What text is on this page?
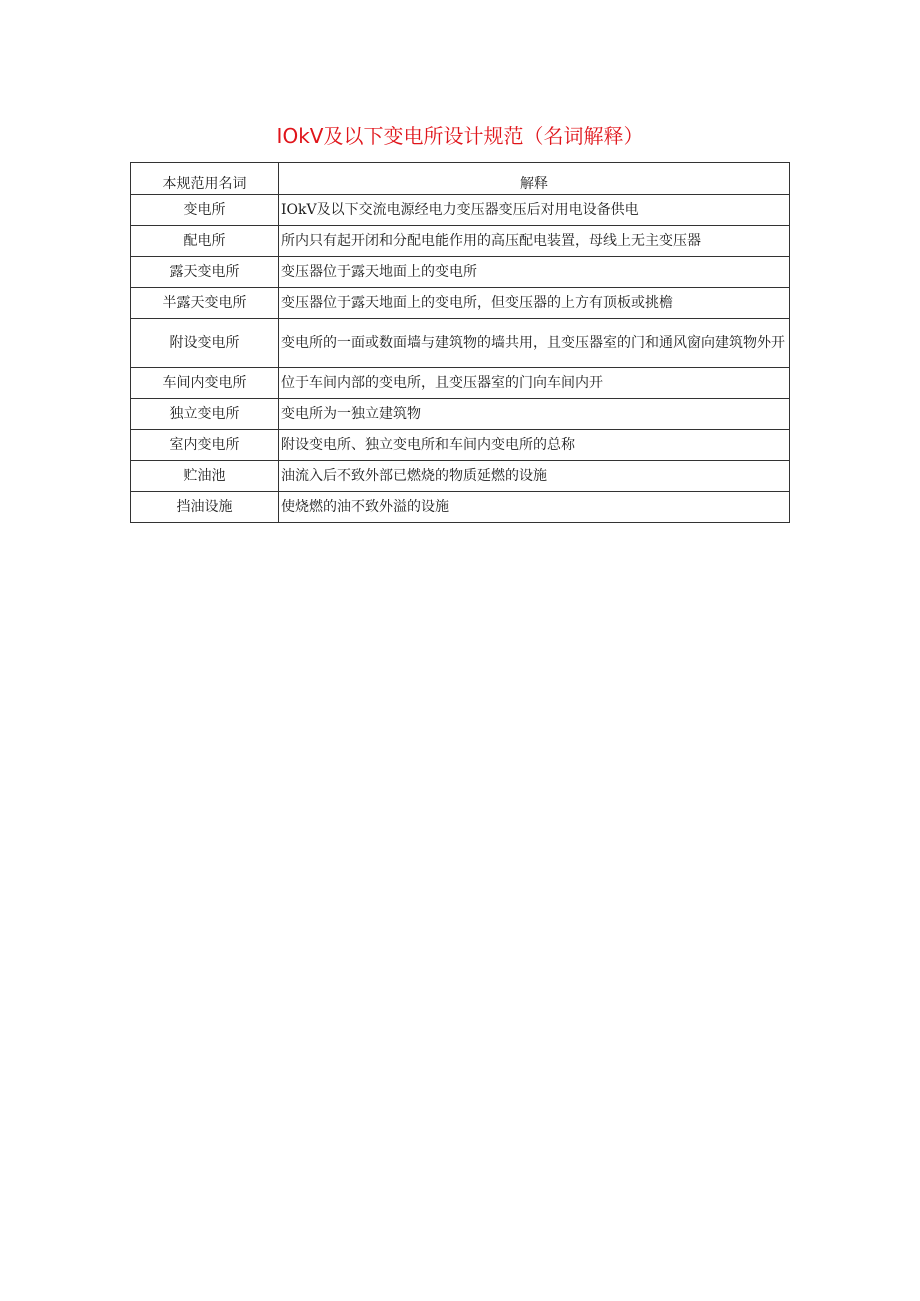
IOkV及以下变电所设计规范（名词解释）
本规范用名词	解释
变电所	IOkV及以下交流电源经电力变压器变压后对用电设备供电
配电所	所内只有起开闭和分配电能作用的高压配电装置，母线上无主变压器
露天变电所	变压器位于露天地面上的变电所
半露天变电所	变压器位于露天地面上的变电所，但变压器的上方有顶板或挑檐
附设变电所	变电所的一面或数面墙与建筑物的墙共用，且变压器室的门和通风窗向建筑物外开
车间内变电所	位于车间内部的变电所，且变压器室的门向车间内开
独立变电所	变电所为一独立建筑物
室内变电所	附设变电所、独立变电所和车间内变电所的总称
贮油池	油流入后不致外部已燃烧的物质延燃的设施
挡油设施	使烧燃的油不致外溢的设施
